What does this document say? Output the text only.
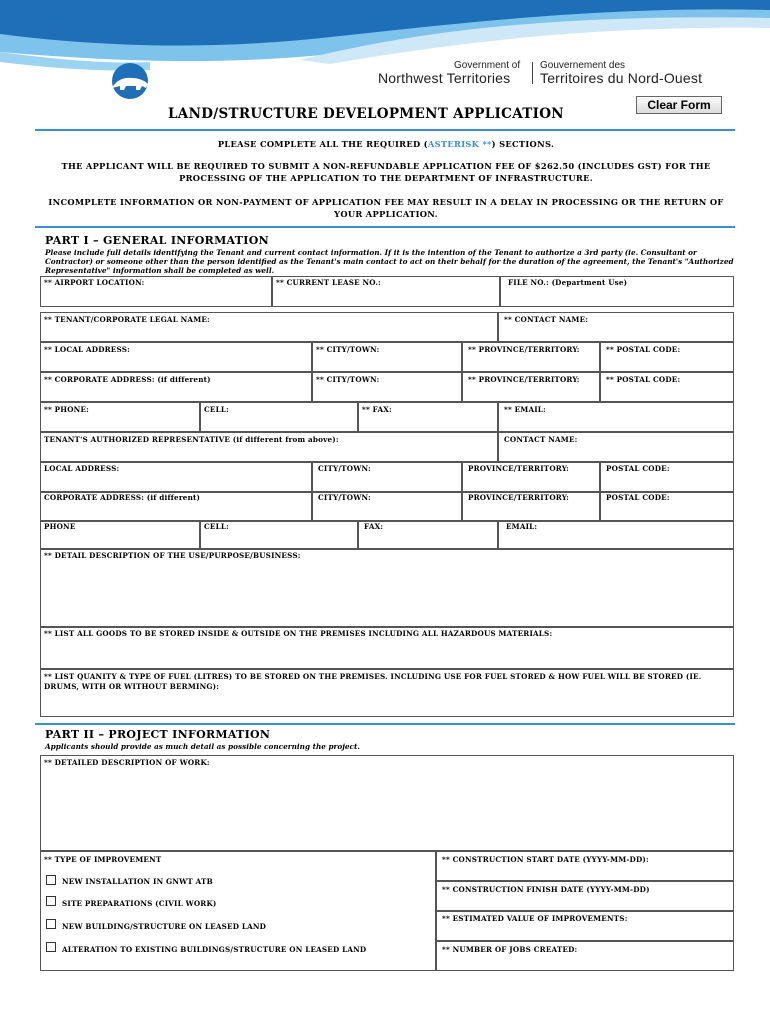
Government of
Northwest Territories
Gouvernement des
Territoires du Nord-Ouest
Clear Form
LAND/STRUCTURE DEVELOPMENT APPLICATION
PLEASE COMPLETE ALL THE REQUIRED (ASTERISK **) SECTIONS.
THE APPLICANT WILL BE REQUIRED TO SUBMIT A NON-REFUNDABLE APPLICATION FEE OF $262.50 (INCLUDES GST) FOR THE PROCESSING OF THE APPLICATION TO THE DEPARTMENT OF INFRASTRUCTURE.
INCOMPLETE INFORMATION OR NON-PAYMENT OF APPLICATION FEE MAY RESULT IN A DELAY IN PROCESSING OR THE RETURN OF YOUR APPLICATION.
PART I – GENERAL INFORMATION
Please include full details identifying the Tenant and current contact information. If it is the intention of the Tenant to authorize a 3rd party (ie. Consultant or Contractor) or someone other than the person identified as the Tenant's main contact to act on their behalf for the duration of the agreement, the Tenant's "Authorized Representative" information shall be completed as well.
** AIRPORT LOCATION:	** CURRENT LEASE NO.:	FILE NO.: (Department Use)
** TENANT/CORPORATE LEGAL NAME:	** CONTACT NAME:
** LOCAL ADDRESS:	** CITY/TOWN:	** PROVINCE/TERRITORY:	** POSTAL CODE:
** CORPORATE ADDRESS: (if different)	** CITY/TOWN:	** PROVINCE/TERRITORY:	** POSTAL CODE:
** PHONE:	CELL:	** FAX:	** EMAIL:
TENANT'S AUTHORIZED REPRESENTATIVE (if different from above):	CONTACT NAME:
LOCAL ADDRESS:	CITY/TOWN:	PROVINCE/TERRITORY:	POSTAL CODE:
CORPORATE ADDRESS: (if different)	CITY/TOWN:	PROVINCE/TERRITORY:	POSTAL CODE:
PHONE	CELL:	FAX:	EMAIL:
** DETAIL DESCRIPTION OF THE USE/PURPOSE/BUSINESS:
** LIST ALL GOODS TO BE STORED INSIDE & OUTSIDE ON THE PREMISES INCLUDING ALL HAZARDOUS MATERIALS:
** LIST QUANITY & TYPE OF FUEL (LITRES) TO BE STORED ON THE PREMISES. INCLUDING USE FOR FUEL STORED & HOW FUEL WILL BE STORED (IE. DRUMS, WITH OR WITHOUT BERMING):
PART II – PROJECT INFORMATION
Applicants should provide as much detail as possible concerning the project.
** DETAILED DESCRIPTION OF WORK:
** TYPE OF IMPROVEMENT
NEW INSTALLATION IN GNWT ATB
SITE PREPARATIONS (CIVIL WORK)
NEW BUILDING/STRUCTURE ON LEASED LAND
ALTERATION TO EXISTING BUILDINGS/STRUCTURE ON LEASED LAND
** CONSTRUCTION START DATE (YYYY-MM-DD):
** CONSTRUCTION FINISH DATE (YYYY-MM-DD)
** ESTIMATED VALUE OF IMPROVEMENTS:
** NUMBER OF JOBS CREATED:
